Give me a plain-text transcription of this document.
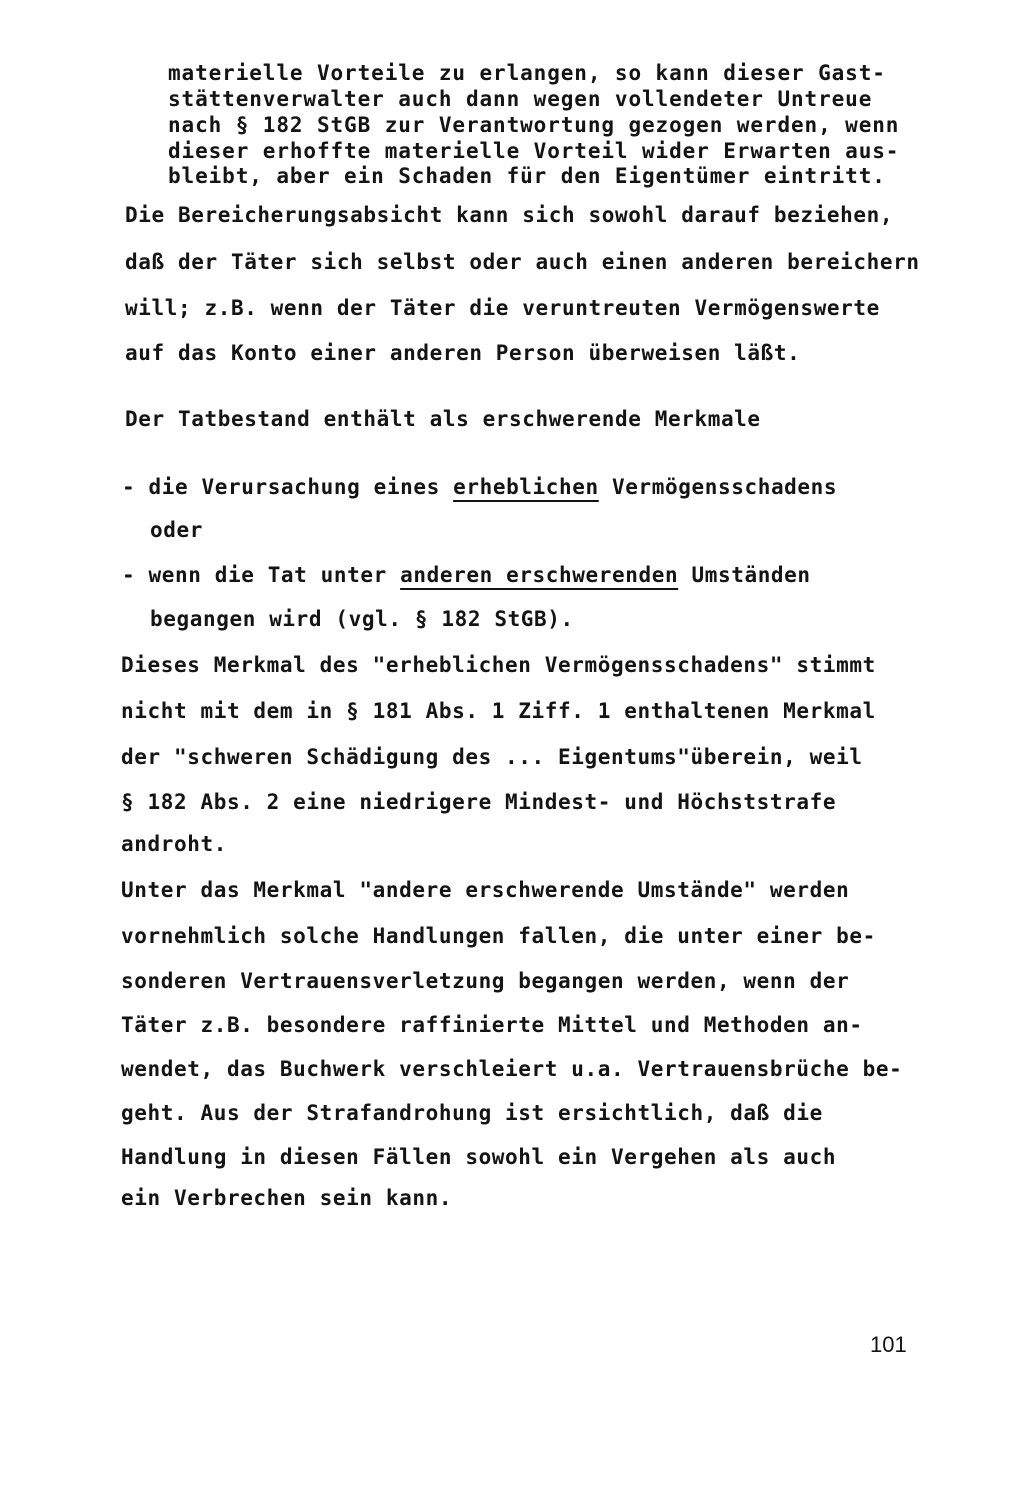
materielle Vorteile zu erlangen, so kann dieser Gast-
stättenverwalter auch dann wegen vollendeter Untreue
nach § 182 StGB zur Verantwortung gezogen werden, wenn
dieser erhoffte materielle Vorteil wider Erwarten aus-
bleibt, aber ein Schaden für den Eigentümer eintritt.
Die Bereicherungsabsicht kann sich sowohl darauf beziehen,
daß der Täter sich selbst oder auch einen anderen bereichern
will; z.B. wenn der Täter die veruntreuten Vermögenswerte
auf das Konto einer anderen Person überweisen läßt.
Der Tatbestand enthält als erschwerende Merkmale
- die Verursachung eines erheblichen Vermögensschadens
oder
- wenn die Tat unter anderen erschwerenden Umständen
begangen wird (vgl. § 182 StGB).
Dieses Merkmal des "erheblichen Vermögensschadens" stimmt
nicht mit dem in § 181 Abs. 1 Ziff. 1 enthaltenen Merkmal
der "schweren Schädigung des ... Eigentums"überein, weil
§ 182 Abs. 2 eine niedrigere Mindest- und Höchststrafe
androht.
Unter das Merkmal "andere erschwerende Umstände" werden
vornehmlich solche Handlungen fallen, die unter einer be-
sonderen Vertrauensverletzung begangen werden, wenn der
Täter z.B. besondere raffinierte Mittel und Methoden an-
wendet, das Buchwerk verschleiert u.a. Vertrauensbrüche be-
geht. Aus der Strafandrohung ist ersichtlich, daß die
Handlung in diesen Fällen sowohl ein Vergehen als auch
ein Verbrechen sein kann.
101
